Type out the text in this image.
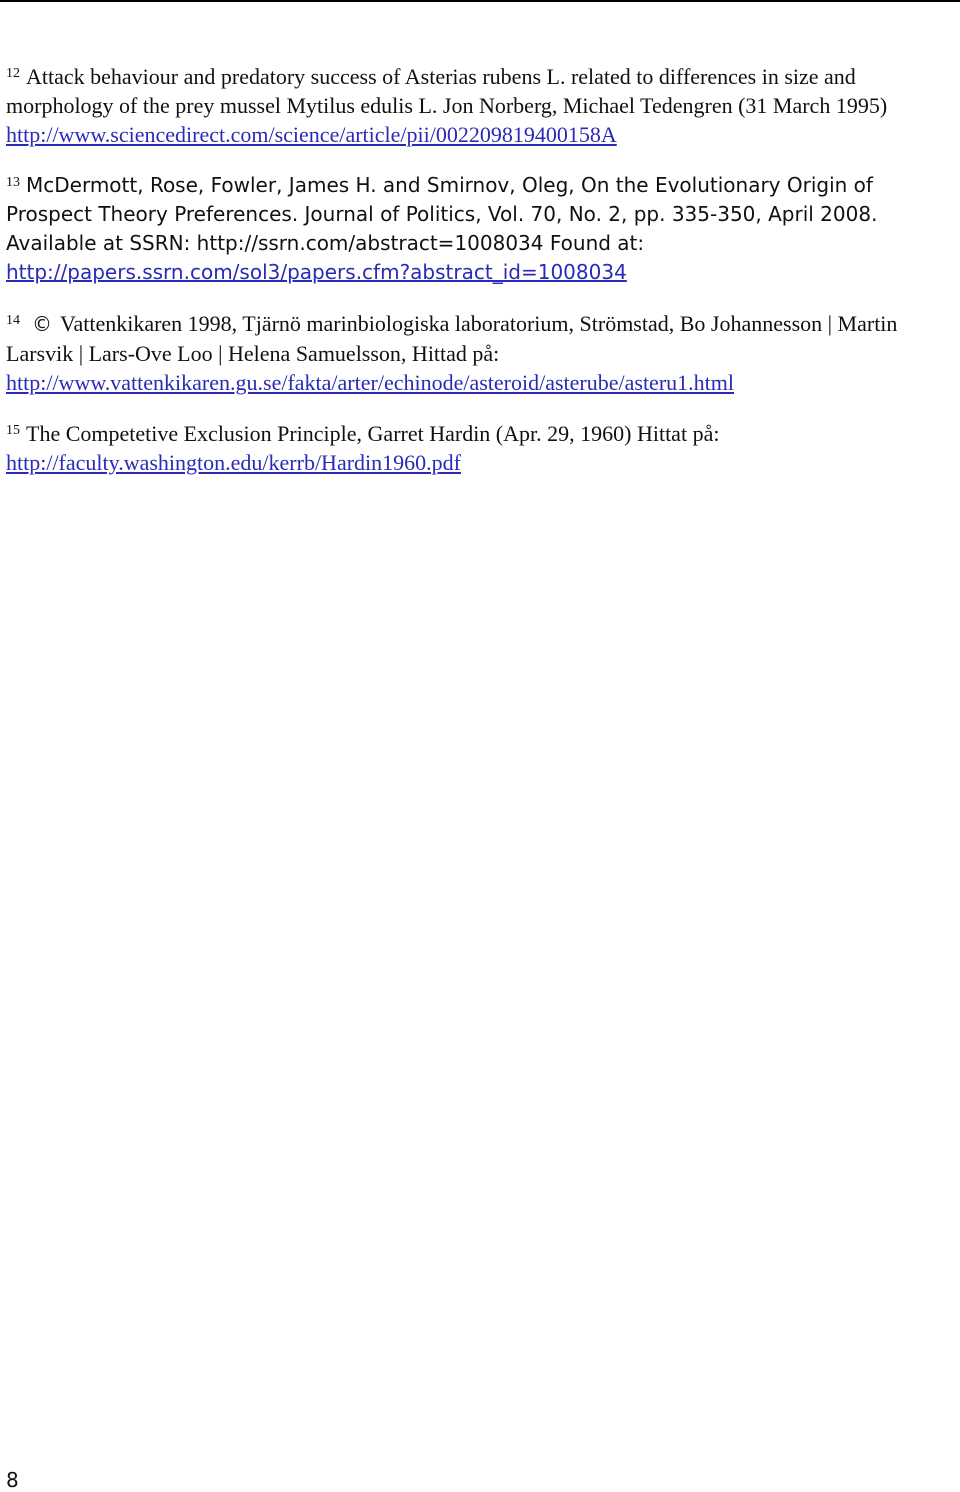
$^{12}$ Attack behaviour and predatory success of Asterias rubens L. related to differences in size and morphology of the prey mussel Mytilus edulis L. Jon Norberg, Michael Tedengren (31 March 1995) http://www.sciencedirect.com/science/article/pii/002209819400158A

$^{13}$ McDermott, Rose, Fowler, James H. and Smirnov, Oleg, On the Evolutionary Origin of Prospect Theory Preferences. Journal of Politics, Vol. 70, No. 2, pp. 335-350, April 2008. Available at SSRN: http://ssrn.com/abstract=1008034 Found at: http://papers.ssrn.com/sol3/papers.cfm?abstract_id=1008034

$^{14}$ © Vattenkikaren 1998, Tjärnö marinbiologiska laboratorium, Strömstad, Bo Johannesson | Martin Larsvik | Lars-Ove Loo | Helena Samuelsson, Hittad på: http://www.vattenkikaren.gu.se/fakta/arter/echinode/asteroid/asterube/asteru1.html

$^{15}$ The Competetive Exclusion Principle, Garret Hardin (Apr. 29, 1960) Hittat på: http://faculty.washington.edu/kerrb/Hardin1960.pdf

8
